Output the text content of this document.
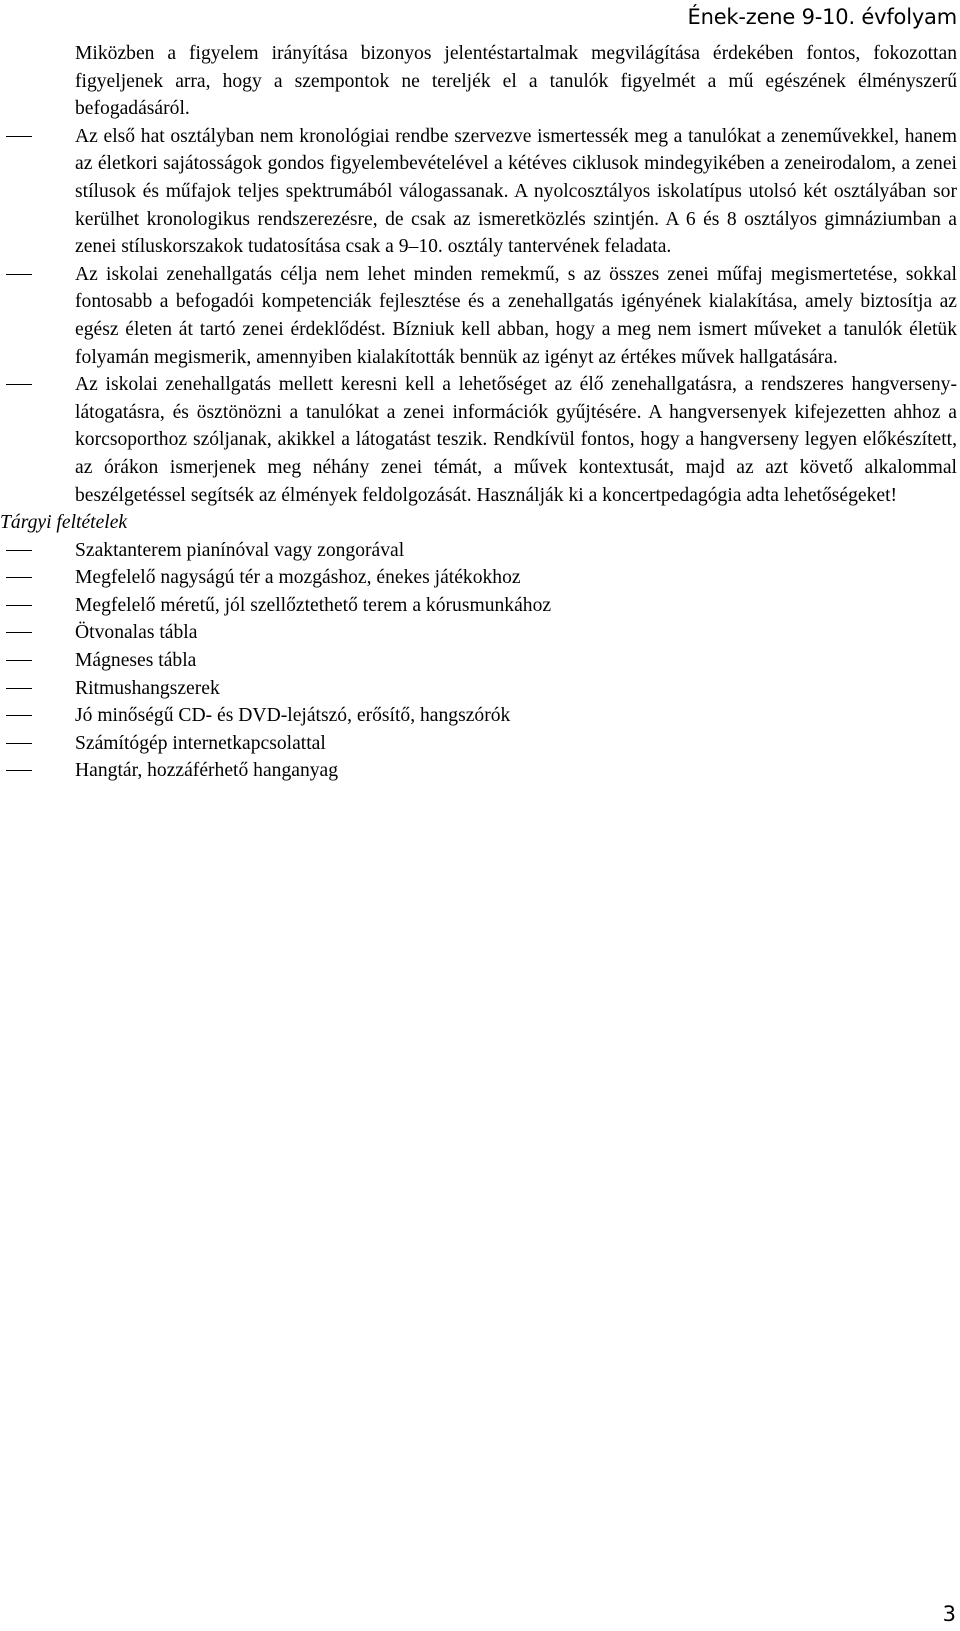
Ének-zene 9-10. évfolyam

Miközben a figyelem irányítása bizonyos jelentéstartalmak megvilágítása érdekében fontos, fokozottan figyeljenek arra, hogy a szempontok ne tereljék el a tanulók figyelmét a mű egészének élményszerű befogadásáról.

Az első hat osztályban nem kronológiai rendbe szervezve ismertessék meg a tanulókat a zeneművekkel, hanem az életkori sajátosságok gondos figyelembevételével a kétéves ciklusok mindegyikében a zeneirodalom, a zenei stílusok és műfajok teljes spektrumából válogassanak. A nyolcosztályos iskolatípus utolsó két osztályában sor kerülhet kronologikus rendszerezésre, de csak az ismeretközlés szintjén. A 6 és 8 osztályos gimnáziumban a zenei stíluskorszakok tudatosítása csak a 9–10. osztály tantervének feladata.
Az iskolai zenehallgatás célja nem lehet minden remekmű, s az összes zenei műfaj megismertetése, sokkal fontosabb a befogadói kompetenciák fejlesztése és a zenehallgatás igényének kialakítása, amely biztosítja az egész életen át tartó zenei érdeklődést. Bízniuk kell abban, hogy a meg nem ismert műveket a tanulók életük folyamán megismerik, amennyiben kialakították bennük az igényt az értékes művek hallgatására.
Az iskolai zenehallgatás mellett keresni kell a lehetőséget az élő zenehallgatásra, a rendszeres hangverseny-látogatásra, és ösztönözni a tanulókat a zenei információk gyűjtésére. A hangversenyek kifejezetten ahhoz a korcsoporthoz szóljanak, akikkel a látogatást teszik. Rendkívül fontos, hogy a hangverseny legyen előkészített, az órákon ismerjenek meg néhány zenei témát, a művek kontextusát, majd az azt követő alkalommal beszélgetéssel segítsék az élmények feldolgozását. Használják ki a koncertpedagógia adta lehetőségeket!
Tárgyi feltételek
Szaktanterem pianínóval vagy zongorával
Megfelelő nagyságú tér a mozgáshoz, énekes játékokhoz
Megfelelő méretű, jól szellőztethető terem a kórusmunkához
Ötvonalas tábla
Mágneses tábla
Ritmushangszerek
Jó minőségű CD- és DVD-lejátszó, erősítő, hangszórók
Számítógép internetkapcsolattal
Hangtár, hozzáférhető hanganyag
3
